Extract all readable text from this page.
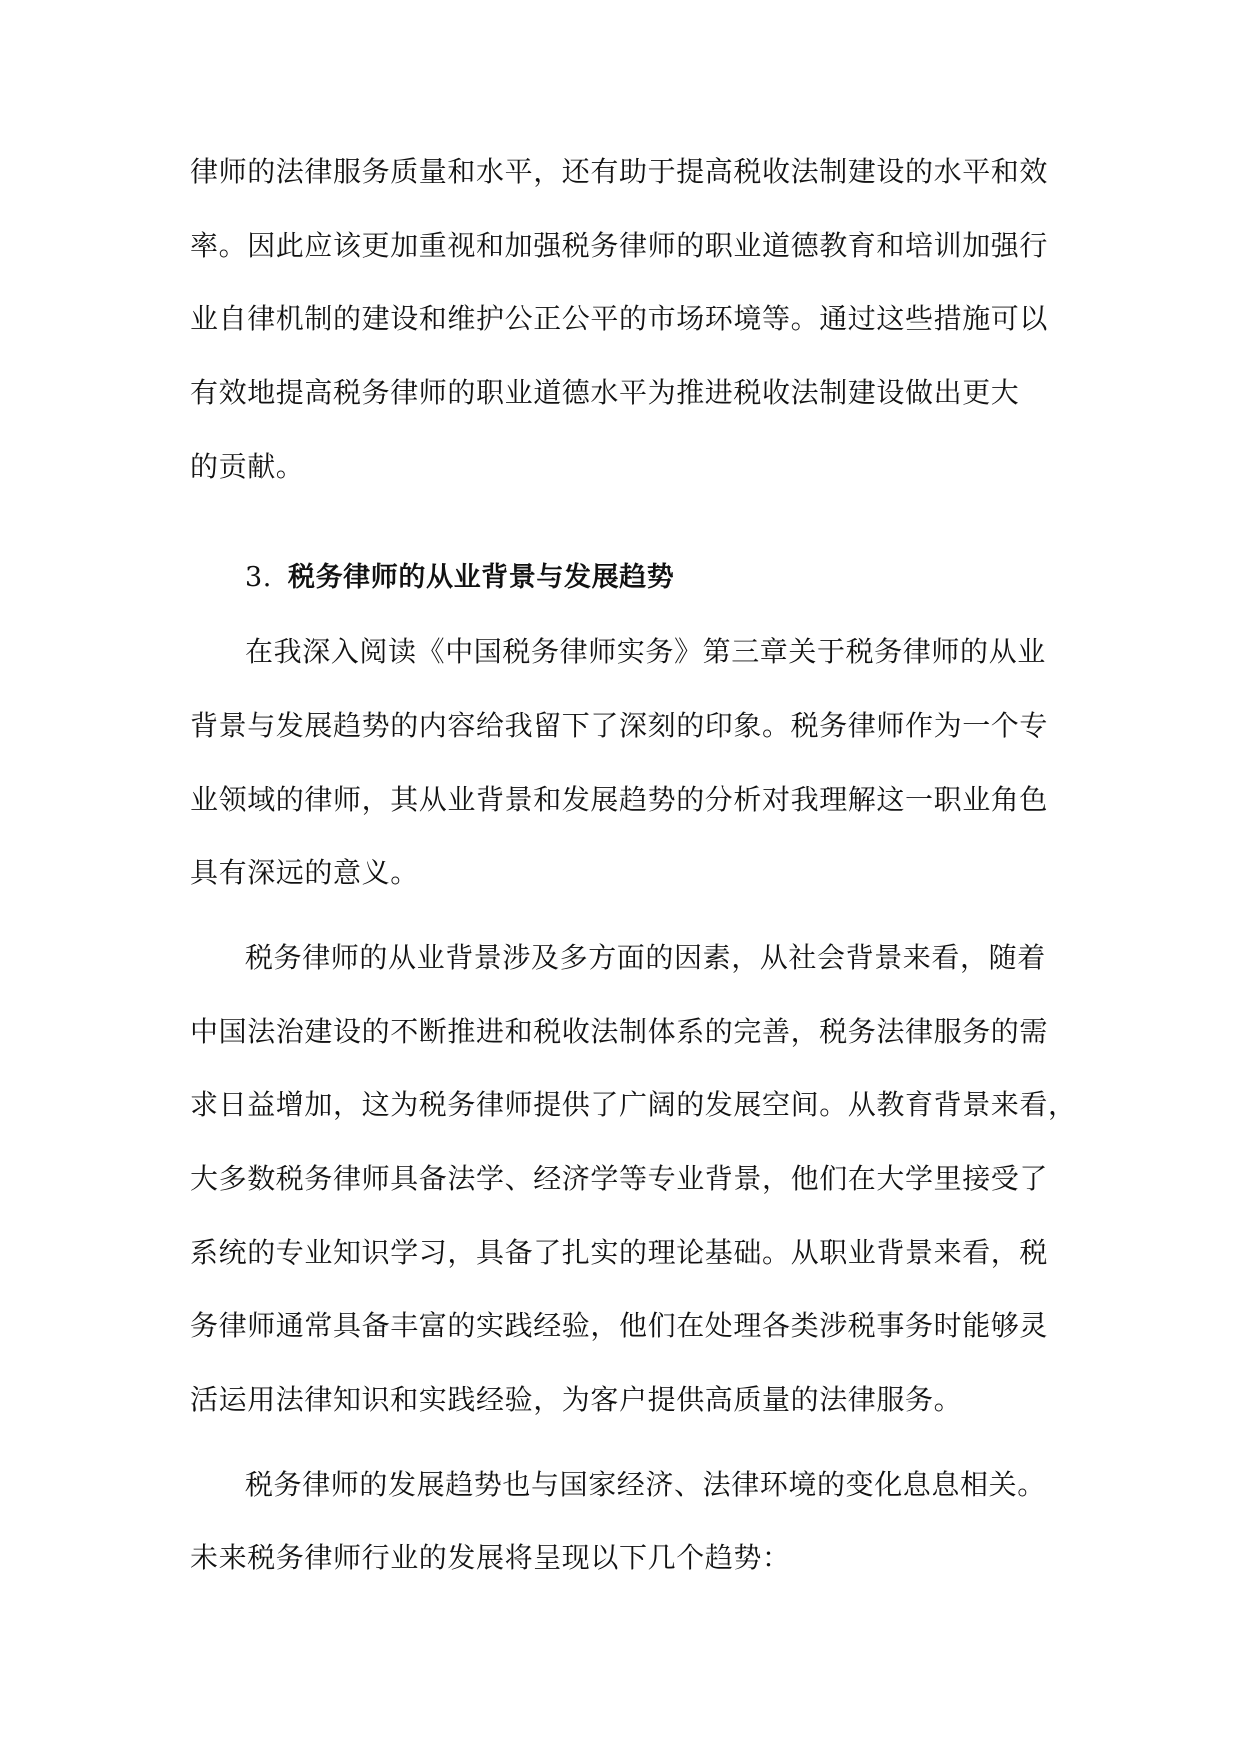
律师的法律服务质量和水平，还有助于提高税收法制建设的水平和效
率。因此应该更加重视和加强税务律师的职业道德教育和培训加强行
业自律机制的建设和维护公正公平的市场环境等。通过这些措施可以
有效地提高税务律师的职业道德水平为推进税收法制建设做出更大
的贡献。
3. 税务律师的从业背景与发展趋势
在我深入阅读《中国税务律师实务》第三章关于税务律师的从业
背景与发展趋势的内容给我留下了深刻的印象。税务律师作为一个专
业领域的律师，其从业背景和发展趋势的分析对我理解这一职业角色
具有深远的意义。
税务律师的从业背景涉及多方面的因素，从社会背景来看，随着
中国法治建设的不断推进和税收法制体系的完善，税务法律服务的需
求日益增加，这为税务律师提供了广阔的发展空间。从教育背景来看，
大多数税务律师具备法学、经济学等专业背景，他们在大学里接受了
系统的专业知识学习，具备了扎实的理论基础。从职业背景来看，税
务律师通常具备丰富的实践经验，他们在处理各类涉税事务时能够灵
活运用法律知识和实践经验，为客户提供高质量的法律服务。
税务律师的发展趋势也与国家经济、法律环境的变化息息相关。
未来税务律师行业的发展将呈现以下几个趋势：
